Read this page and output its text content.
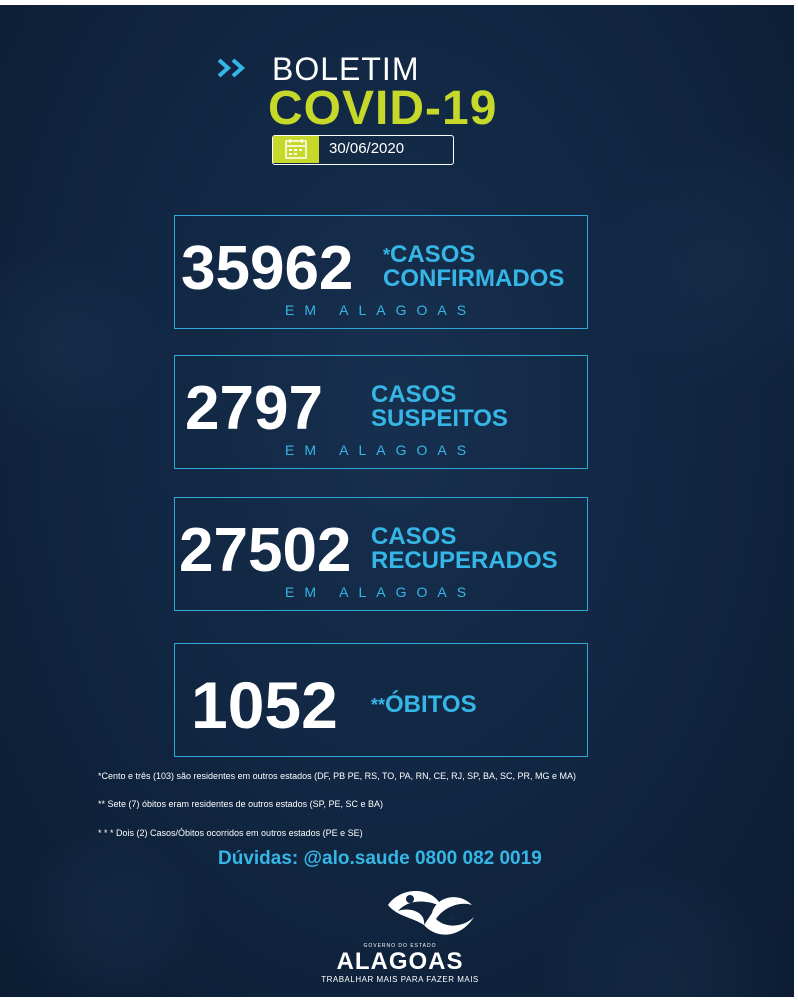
BOLETIM
COVID-19
30/06/2020
35962 *CASOS
CONFIRMADOS
EM ALAGOAS
2797 CASOS
SUSPEITOS
EM ALAGOAS
27502 CASOS
RECUPERADOS
EM ALAGOAS
1052 **ÓBITOS
*Cento e três (103) são residentes em outros estados (DF, PB PE, RS, TO, PA, RN, CE, RJ, SP, BA, SC, PR, MG e MA)
** Sete (7) óbitos eram residentes de outros estados (SP, PE, SC e BA)
* * * Dois (2) Casos/Óbitos ocorridos em outros estados (PE e SE)
Dúvidas: @alo.saude 0800 082 0019
GOVERNO DO ESTADO
ALAGOAS
TRABALHAR MAIS PARA FAZER MAIS
